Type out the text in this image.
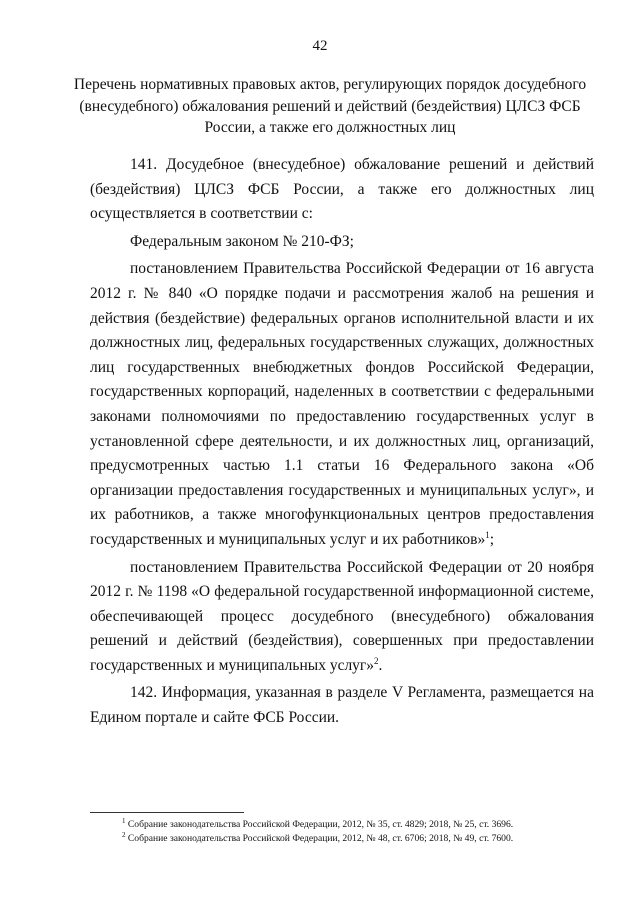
42
Перечень нормативных правовых актов, регулирующих порядок досудебного (внесудебного) обжалования решений и действий (бездействия) ЦЛСЗ ФСБ России, а также его должностных лиц

141. Досудебное (внесудебное) обжалование решений и действий (бездействия) ЦЛСЗ ФСБ России, а также его должностных лиц осуществляется в соответствии с:

Федеральным законом № 210-ФЗ;

постановлением Правительства Российской Федерации от 16 августа 2012 г. № 840 «О порядке подачи и рассмотрения жалоб на решения и действия (бездействие) федеральных органов исполнительной власти и их должностных лиц, федеральных государственных служащих, должностных лиц государственных внебюджетных фондов Российской Федерации, государственных корпораций, наделенных в соответствии с федеральными законами полномочиями по предоставлению государственных услуг в установленной сфере деятельности, и их должностных лиц, организаций, предусмотренных частью 1.1 статьи 16 Федерального закона «Об организации предоставления государственных и муниципальных услуг», и их работников, а также многофункциональных центров предоставления государственных и муниципальных услуг и их работников»$^1$;

постановлением Правительства Российской Федерации от 20 ноября 2012 г. № 1198 «О федеральной государственной информационной системе, обеспечивающей процесс досудебного (внесудебного) обжалования решений и действий (бездействия), совершенных при предоставлении государственных и муниципальных услуг»$^2$.

142. Информация, указанная в разделе V Регламента, размещается на Едином портале и сайте ФСБ России.

$^1$ Собрание законодательства Российской Федерации, 2012, № 35, ст. 4829; 2018, № 25, ст. 3696.
$^2$ Собрание законодательства Российской Федерации, 2012, № 48, ст. 6706; 2018, № 49, ст. 7600.
